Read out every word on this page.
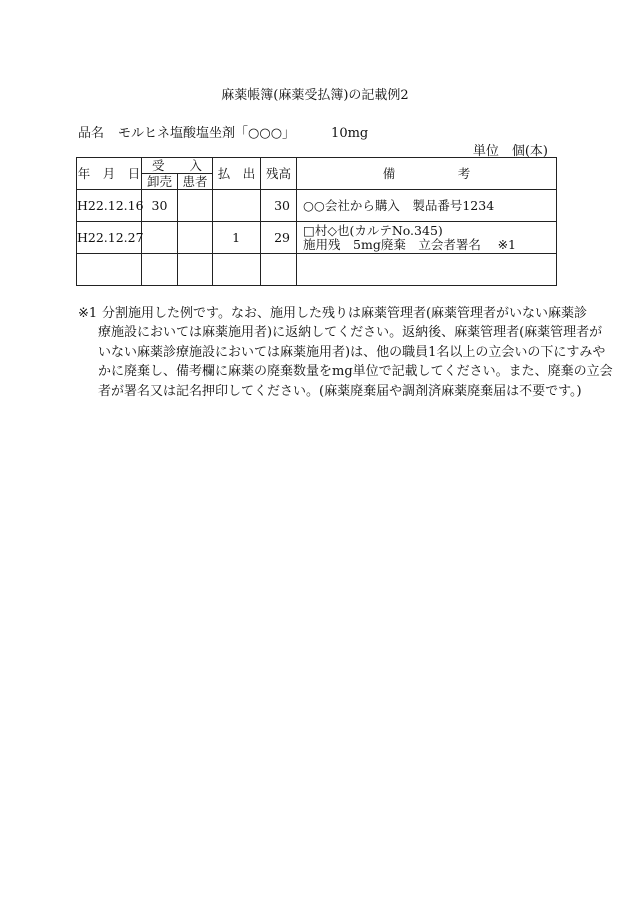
麻薬帳簿(麻薬受払簿)の記載例2
品名 モルヒネ塩酸塩坐剤「○○○」	10mg
単位　個(本)
年　月　日	受　　入		払　出	残高	備　　　　　考
	卸売	患者			
H22.12.16	30			30	○○会社から購入　製品番号1234
H22.12.27			1	29	□村◇也(カルテNo.345)
施用残　5mg廃棄　立会者署名 ※1

※1 分割施用した例です。なお、施用した残りは麻薬管理者(麻薬管理者がいない麻薬診
療施設においては麻薬施用者)に返納してください。返納後、麻薬管理者(麻薬管理者が
いない麻薬診療施設においては麻薬施用者)は、他の職員1名以上の立会いの下にすみや
かに廃棄し、備考欄に麻薬の廃棄数量をmg単位で記載してください。また、廃棄の立会
者が署名又は記名押印してください。(麻薬廃棄届や調剤済麻薬廃棄届は不要です。)
